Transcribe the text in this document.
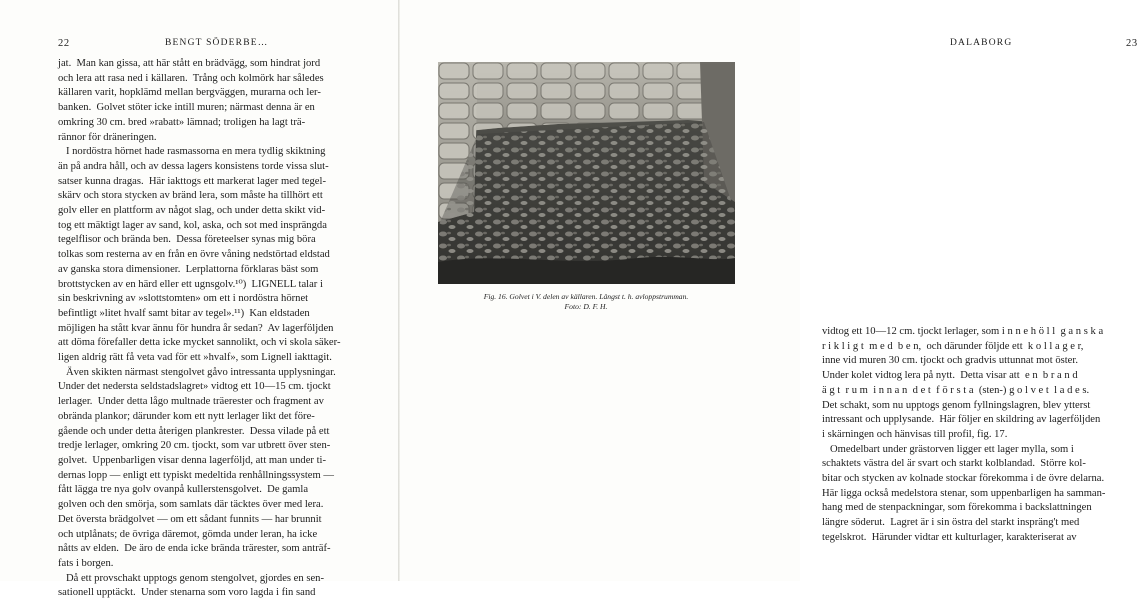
22	BENGT SÖDERBE…
jat.  Man kan gissa, att här stått en brädvägg, som hindrat jord
och lera att rasa ned i källaren.  Trång och kolmörk har således
källaren varit, hopklämd mellan bergväggen, murarna och ler-
banken.  Golvet stöter icke intill muren; närmast denna är en
omkring 30 cm. bred »rabatt» lämnad; troligen ha lagt trä-
rännor för dräneringen.
I nordöstra hörnet hade rasmassorna en mera tydlig skiktning
än på andra håll, och av dessa lagers konsistens torde vissa slut-
satser kunna dragas.  Här iakttogs ett markerat lager med tegel-
skärv och stora stycken av bränd lera, som måste ha tillhört ett
golv eller en plattform av något slag, och under detta skikt vid-
tog ett mäktigt lager av sand, kol, aska, och sot med insprängda
tegelflisor och brända ben.  Dessa företeelser synas mig böra
tolkas som resterna av en från en övre våning nedstörtad eldstad
av ganska stora dimensioner.  Lerplattorna förklaras bäst som
brottstycken av en härd eller ett ugnsgolv.¹⁰)  LIGNELL talar i
sin beskrivning av »slottstomten» om ett i nordöstra hörnet
befintligt »litet hvalf samt bitar av tegel».¹¹)  Kan eldstaden
möjligen ha stått kvar ännu för hundra år sedan?  Av lagerföljden
att döma förefaller detta icke mycket sannolikt, och vi skola säker-
ligen aldrig rätt få veta vad för ett »hvalf», som Lignell iakttagit.
Även skikten närmast stengolvet gåvo intressanta upplysningar.
Under det nedersta seldstadslagret» vidtog ett 10—15 cm. tjockt
lerlager.  Under detta lågo multnade träerester och fragment av
obrända plankor; därunder kom ett nytt lerlager likt det före-
gående och under detta återigen plankrester.  Dessa vilade på ett
tredje lerlager, omkring 20 cm. tjockt, som var utbrett över sten-
golvet.  Uppenbarligen visar denna lagerföljd, att man under ti-
dernas lopp — enligt ett typiskt medeltida renhållningssystem —
fått lägga tre nya golv ovanpå kullerstensgolvet.  De gamla
golven och den smörja, som samlats där täcktes över med lera.
Det översta brädgolvet — om ett sådant funnits — har brunnit
och utplånats; de övriga däremot, gömda under leran, ha icke
nåtts av elden.  De äro de enda icke brända trärester, som anträf-
fats i borgen.
Då ett provschakt upptogs genom stengolvet, gjordes en sen-
sationell upptäckt.  Under stenarna som voro lagda i fin sand
DALABORG	23
vidtog ett 10—12 cm. tjockt lerlager, som i n n e h ö l l  g a n s k a
r i k l i g t  m e d  b e n,  och därunder följde ett  k o l l a g e r,
inne vid muren 30 cm. tjockt och gradvis uttunnat mot öster.
Under kolet vidtog lera på nytt.  Detta visar att  e n  b r a n d
ä g t  r u m  i n n a n  d e t  f ö r s t a  (sten-) g o l v e t  l a d e s.
Det schakt, som nu upptogs genom fyllningslagren, blev ytterst
intressant och upplysande.  Här följer en skildring av lagerföljden
i skärningen och hänvisas till profil, fig. 17.
Omedelbart under grästorven ligger ett lager mylla, som i
schaktets västra del är svart och starkt kolblandad.  Större kol-
bitar och stycken av kolnade stockar förekomma i de övre delarna.
Här ligga också medelstora stenar, som uppenbarligen ha samman-
hang med de stenpackningar, som förekomma i backslattningen
längre söderut.  Lagret är i sin östra del starkt inspräng't med
tegelskrot.  Härunder vidtar ett kulturlager, karakteriserat av
Fig. 16. Golvet i V. delen av källaren. Längst t. h. avloppstrumman.
Foto: D. F. H.
